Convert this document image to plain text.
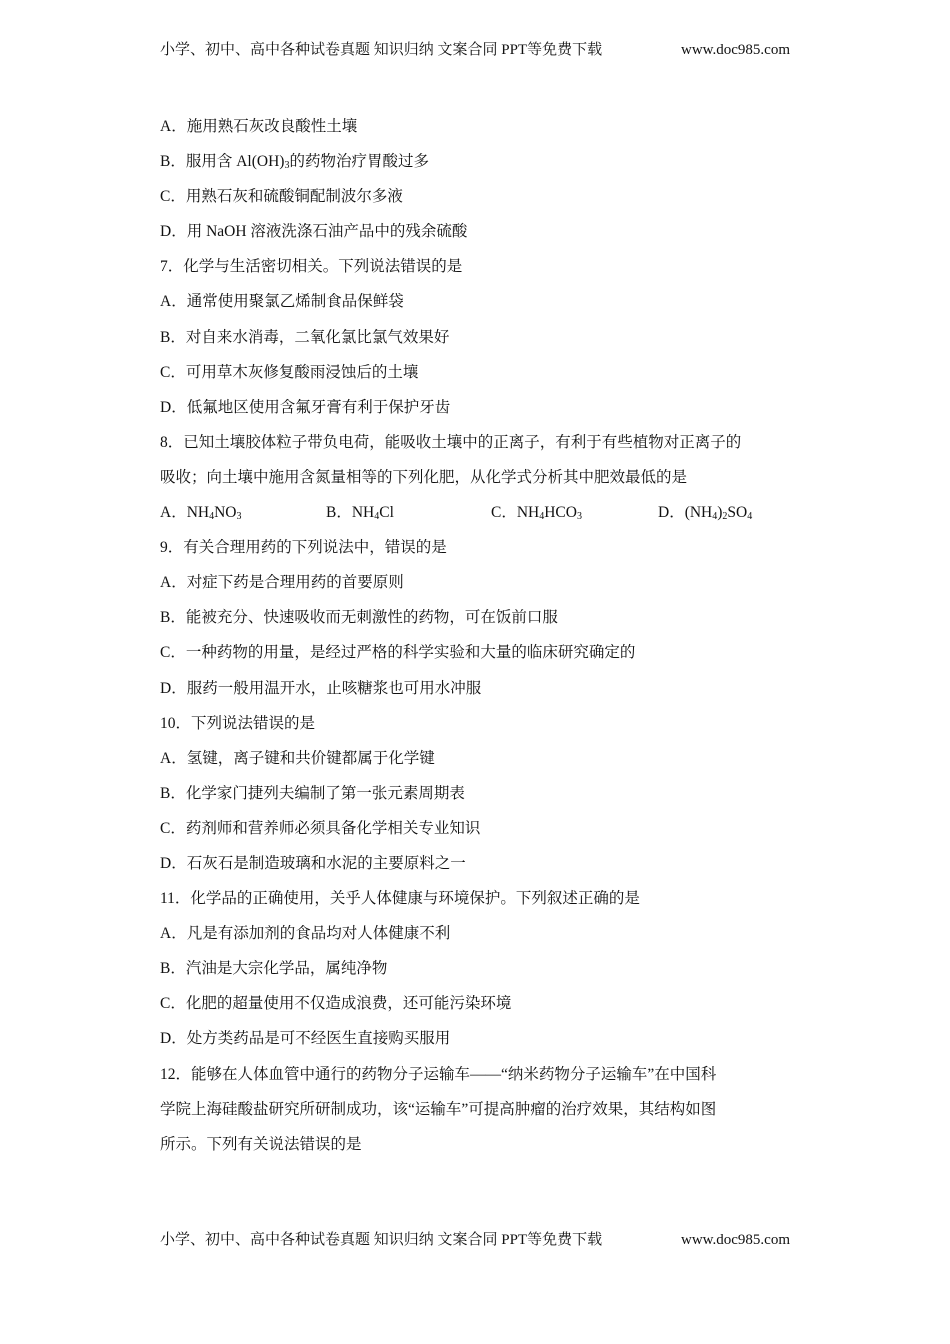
小学、初中、高中各种试卷真题 知识归纳 文案合同 PPT等免费下载	www.doc985.com
A．施用熟石灰改良酸性土壤
B．服用含 $Al(OH)_3$的药物治疗胃酸过多
C．用熟石灰和硫酸铜配制波尔多液
D．用 NaOH 溶液洗涤石油产品中的残余硫酸
7．化学与生活密切相关。下列说法错误的是
A．通常使用聚氯乙烯制食品保鲜袋
B．对自来水消毒，二氧化氯比氯气效果好
C．可用草木灰修复酸雨浸蚀后的土壤
D．低氟地区使用含氟牙膏有利于保护牙齿
8．已知土壤胶体粒子带负电荷，能吸收土壤中的正离子，有利于有些植物对正离子的
吸收；向土壤中施用含氮量相等的下列化肥，从化学式分析其中肥效最低的是
A．$NH_4NO_3$	B．$NH_4Cl$	C．$NH_4HCO_3$	D．$(NH_4)_2SO_4$
9．有关合理用药的下列说法中，错误的是
A．对症下药是合理用药的首要原则
B．能被充分、快速吸收而无刺激性的药物，可在饭前口服
C．一种药物的用量，是经过严格的科学实验和大量的临床研究确定的
D．服药一般用温开水，止咳糖浆也可用水冲服
10．下列说法错误的是
A．氢键，离子键和共价键都属于化学键
B．化学家门捷列夫编制了第一张元素周期表
C．药剂师和营养师必须具备化学相关专业知识
D．石灰石是制造玻璃和水泥的主要原料之一
11．化学品的正确使用，关乎人体健康与环境保护。下列叙述正确的是
A．凡是有添加剂的食品均对人体健康不利
B．汽油是大宗化学品，属纯净物
C．化肥的超量使用不仅造成浪费，还可能污染环境
D．处方类药品是可不经医生直接购买服用
12．能够在人体血管中通行的药物分子运输车——“纳米药物分子运输车”在中国科
学院上海硅酸盐研究所研制成功，该“运输车”可提高肿瘤的治疗效果，其结构如图
所示。下列有关说法错误的是
小学、初中、高中各种试卷真题 知识归纳 文案合同 PPT等免费下载	www.doc985.com
